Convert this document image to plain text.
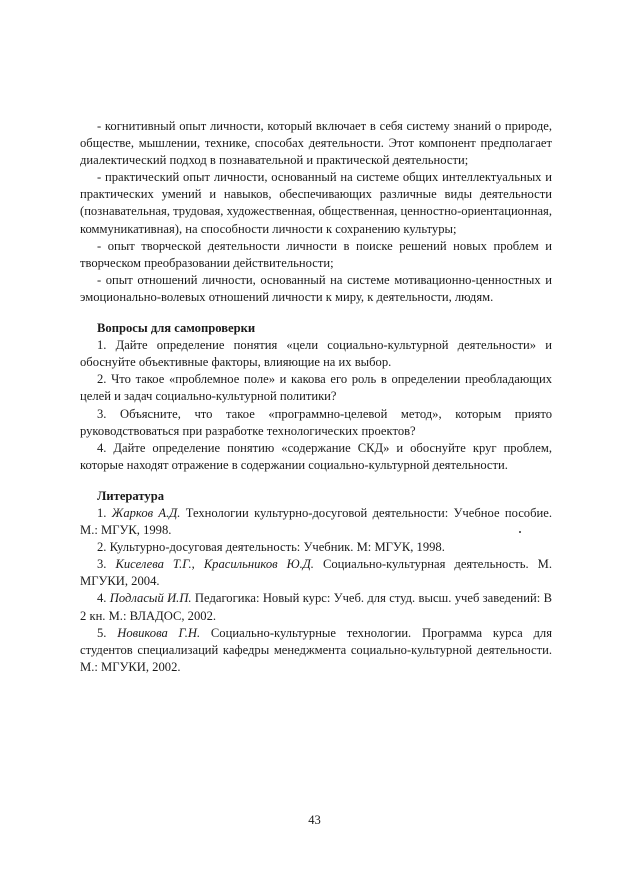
- когнитивный опыт личности, который включает в себя систему знаний о природе, обществе, мышлении, технике, способах деятельности. Этот компонент предполагает диалектический подход в познавательной и практической деятельности;

- практический опыт личности, основанный на системе общих интеллектуальных и практических умений и навыков, обеспечивающих различные виды деятельности (познавательная, трудовая, художественная, общественная, ценностно-ориентационная, коммуникативная), на способности личности к сохранению культуры;

- опыт творческой деятельности личности в поиске решений новых проблем и творческом преобразовании действительности;

- опыт отношений личности, основанный на системе мотивационно-ценностных и эмоционально-волевых отношений личности к миру, к деятельности, людям.

Вопросы для самопроверки

1. Дайте определение понятия «цели социально-культурной деятельности» и обоснуйте объективные факторы, влияющие на их выбор.

2. Что такое «проблемное поле» и какова его роль в определении преобладающих целей и задач социально-культурной политики?

3. Объясните, что такое «программно-целевой метод», которым приято руководствоваться при разработке технологических проектов?

4. Дайте определение понятию «содержание СКД» и обоснуйте круг проблем, которые находят отражение в содержании социально-культурной деятельности.

Литература

1. Жарков А.Д. Технологии культурно-досуговой деятельности: Учебное пособие. М.: МГУК, 1998.

2. Культурно-досуговая деятельность: Учебник. М: МГУК, 1998.

3. Киселева Т.Г., Красильников Ю.Д. Социально-культурная деятельность. М. МГУКИ, 2004.

4. Подласый И.П. Педагогика: Новый курс: Учеб. для студ. высш. учеб заведений: В 2 кн. М.: ВЛАДОС, 2002.

5. Новикова Г.Н. Социально-культурные технологии. Программа курса для студентов специализаций кафедры менеджмента социально-культурной деятельности. М.: МГУКИ, 2002.

43
